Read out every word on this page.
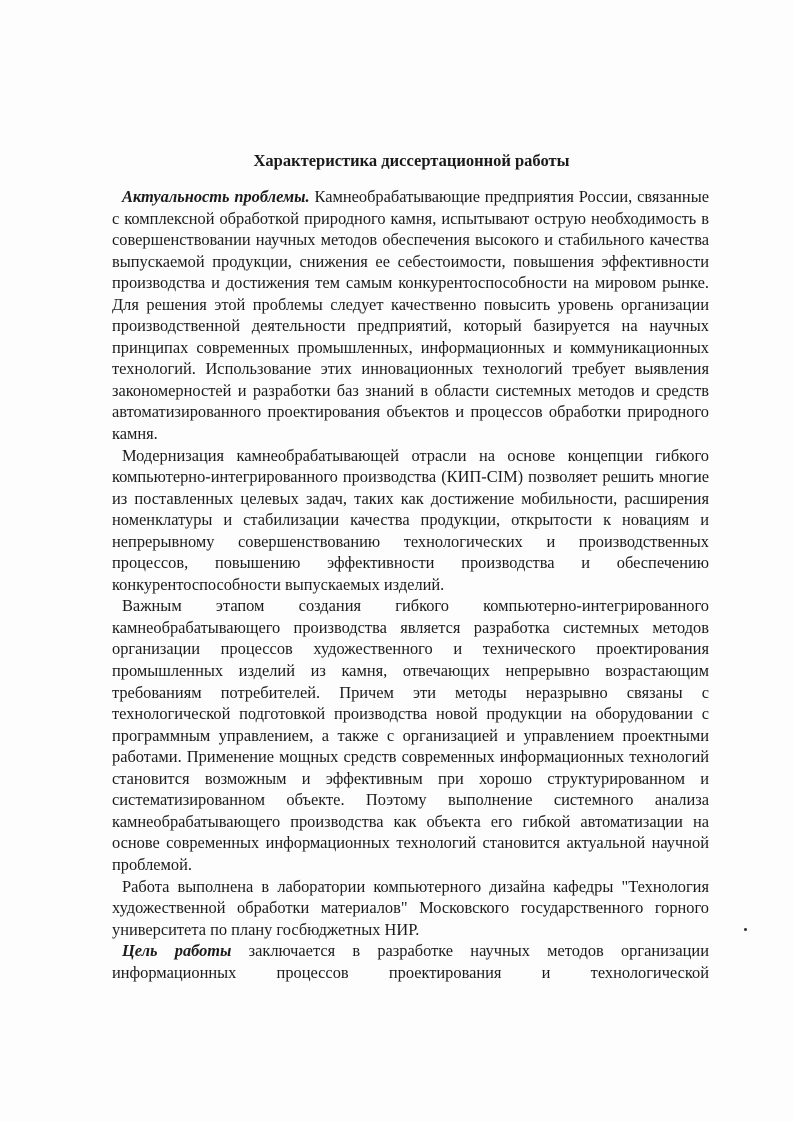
Характеристика диссертационной работы

Актуальность проблемы. Камнеобрабатывающие предприятия России, связанные с комплексной обработкой природного камня, испытывают острую необходимость в совершенствовании научных методов обеспечения высокого и стабильного качества выпускаемой продукции, снижения ее себестоимости, повышения эффективности производства и достижения тем самым конкурентоспособности на мировом рынке. Для решения этой проблемы следует качественно повысить уровень организации производственной деятельности предприятий, который базируется на научных принципах современных промышленных, информационных и коммуникационных технологий. Использование этих инновационных технологий требует выявления закономерностей и разработки баз знаний в области системных методов и средств автоматизированного проектирования объектов и процессов обработки природного камня.

Модернизация камнеобрабатывающей отрасли на основе концепции гибкого компьютерно-интегрированного производства (КИП-CIM) позволяет решить многие из поставленных целевых задач, таких как достижение мобильности, расширения номенклатуры и стабилизации качества продукции, открытости к новациям и непрерывному совершенствованию технологических и производственных процессов, повышению эффективности производства и обеспечению конкурентоспособности выпускаемых изделий.

Важным этапом создания гибкого компьютерно-интегрированного камнеобрабатывающего производства является разработка системных методов организации процессов художественного и технического проектирования промышленных изделий из камня, отвечающих непрерывно возрастающим требованиям потребителей. Причем эти методы неразрывно связаны с технологической подготовкой производства новой продукции на оборудовании с программным управлением, а также с организацией и управлением проектными работами. Применение мощных средств современных информационных технологий становится возможным и эффективным при хорошо структурированном и систематизированном объекте. Поэтому выполнение системного анализа камнеобрабатывающего производства как объекта его гибкой автоматизации на основе современных информационных технологий становится актуальной научной проблемой.

Работа выполнена в лаборатории компьютерного дизайна кафедры "Технология художественной обработки материалов" Московского государственного горного университета по плану госбюджетных НИР.

Цель работы заключается в разработке научных методов организации информационных процессов проектирования и технологической
